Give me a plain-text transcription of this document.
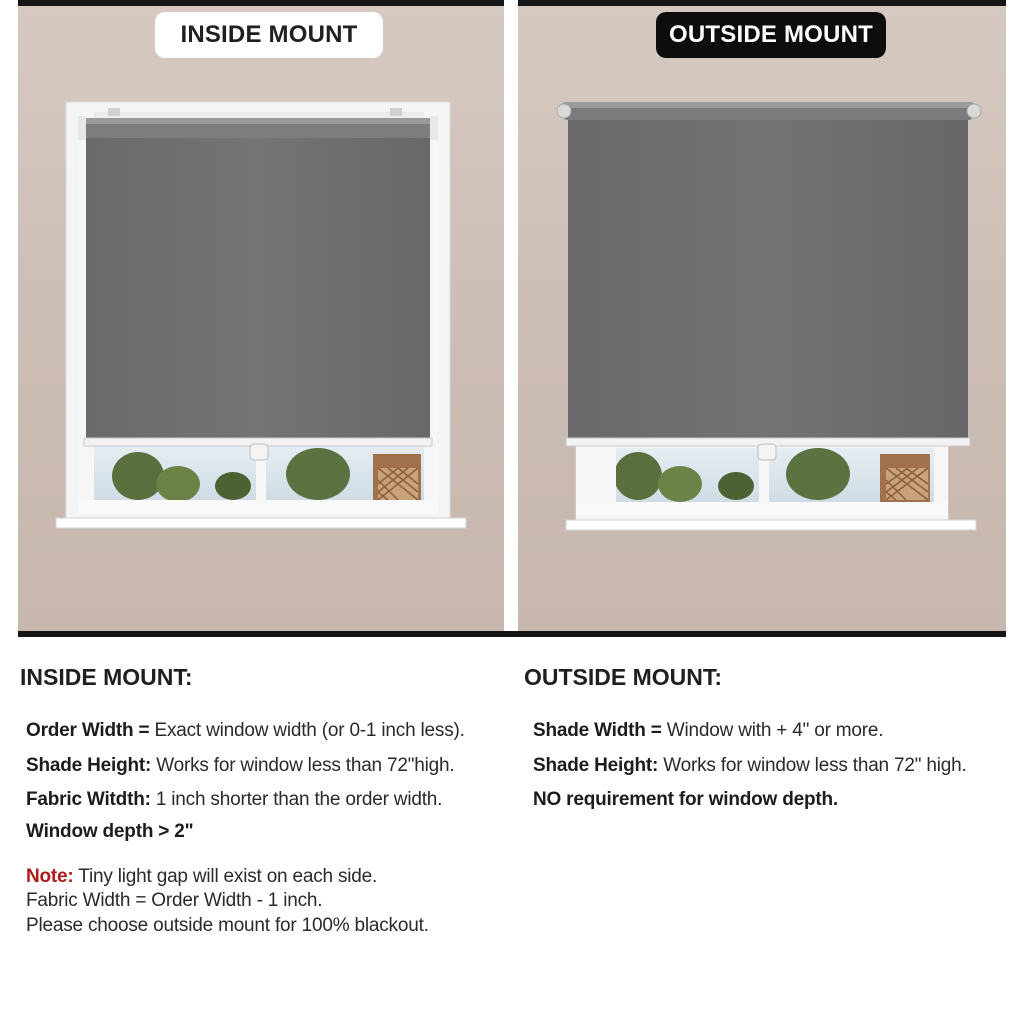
INSIDE MOUNT	OUTSIDE MOUNT
INSIDE MOUNT:
Order Width = Exact window width (or 0-1 inch less).
Shade Height: Works for window less than 72"high.
Fabric Witdth: 1 inch shorter than the order width.
Window depth > 2"
Note: Tiny light gap will exist on each side.
Fabric Width = Order Width - 1 inch.
Please choose outside mount for 100% blackout.
OUTSIDE MOUNT:
Shade Width = Window with + 4" or more.
Shade Height: Works for window less than 72" high.
NO requirement for window depth.
